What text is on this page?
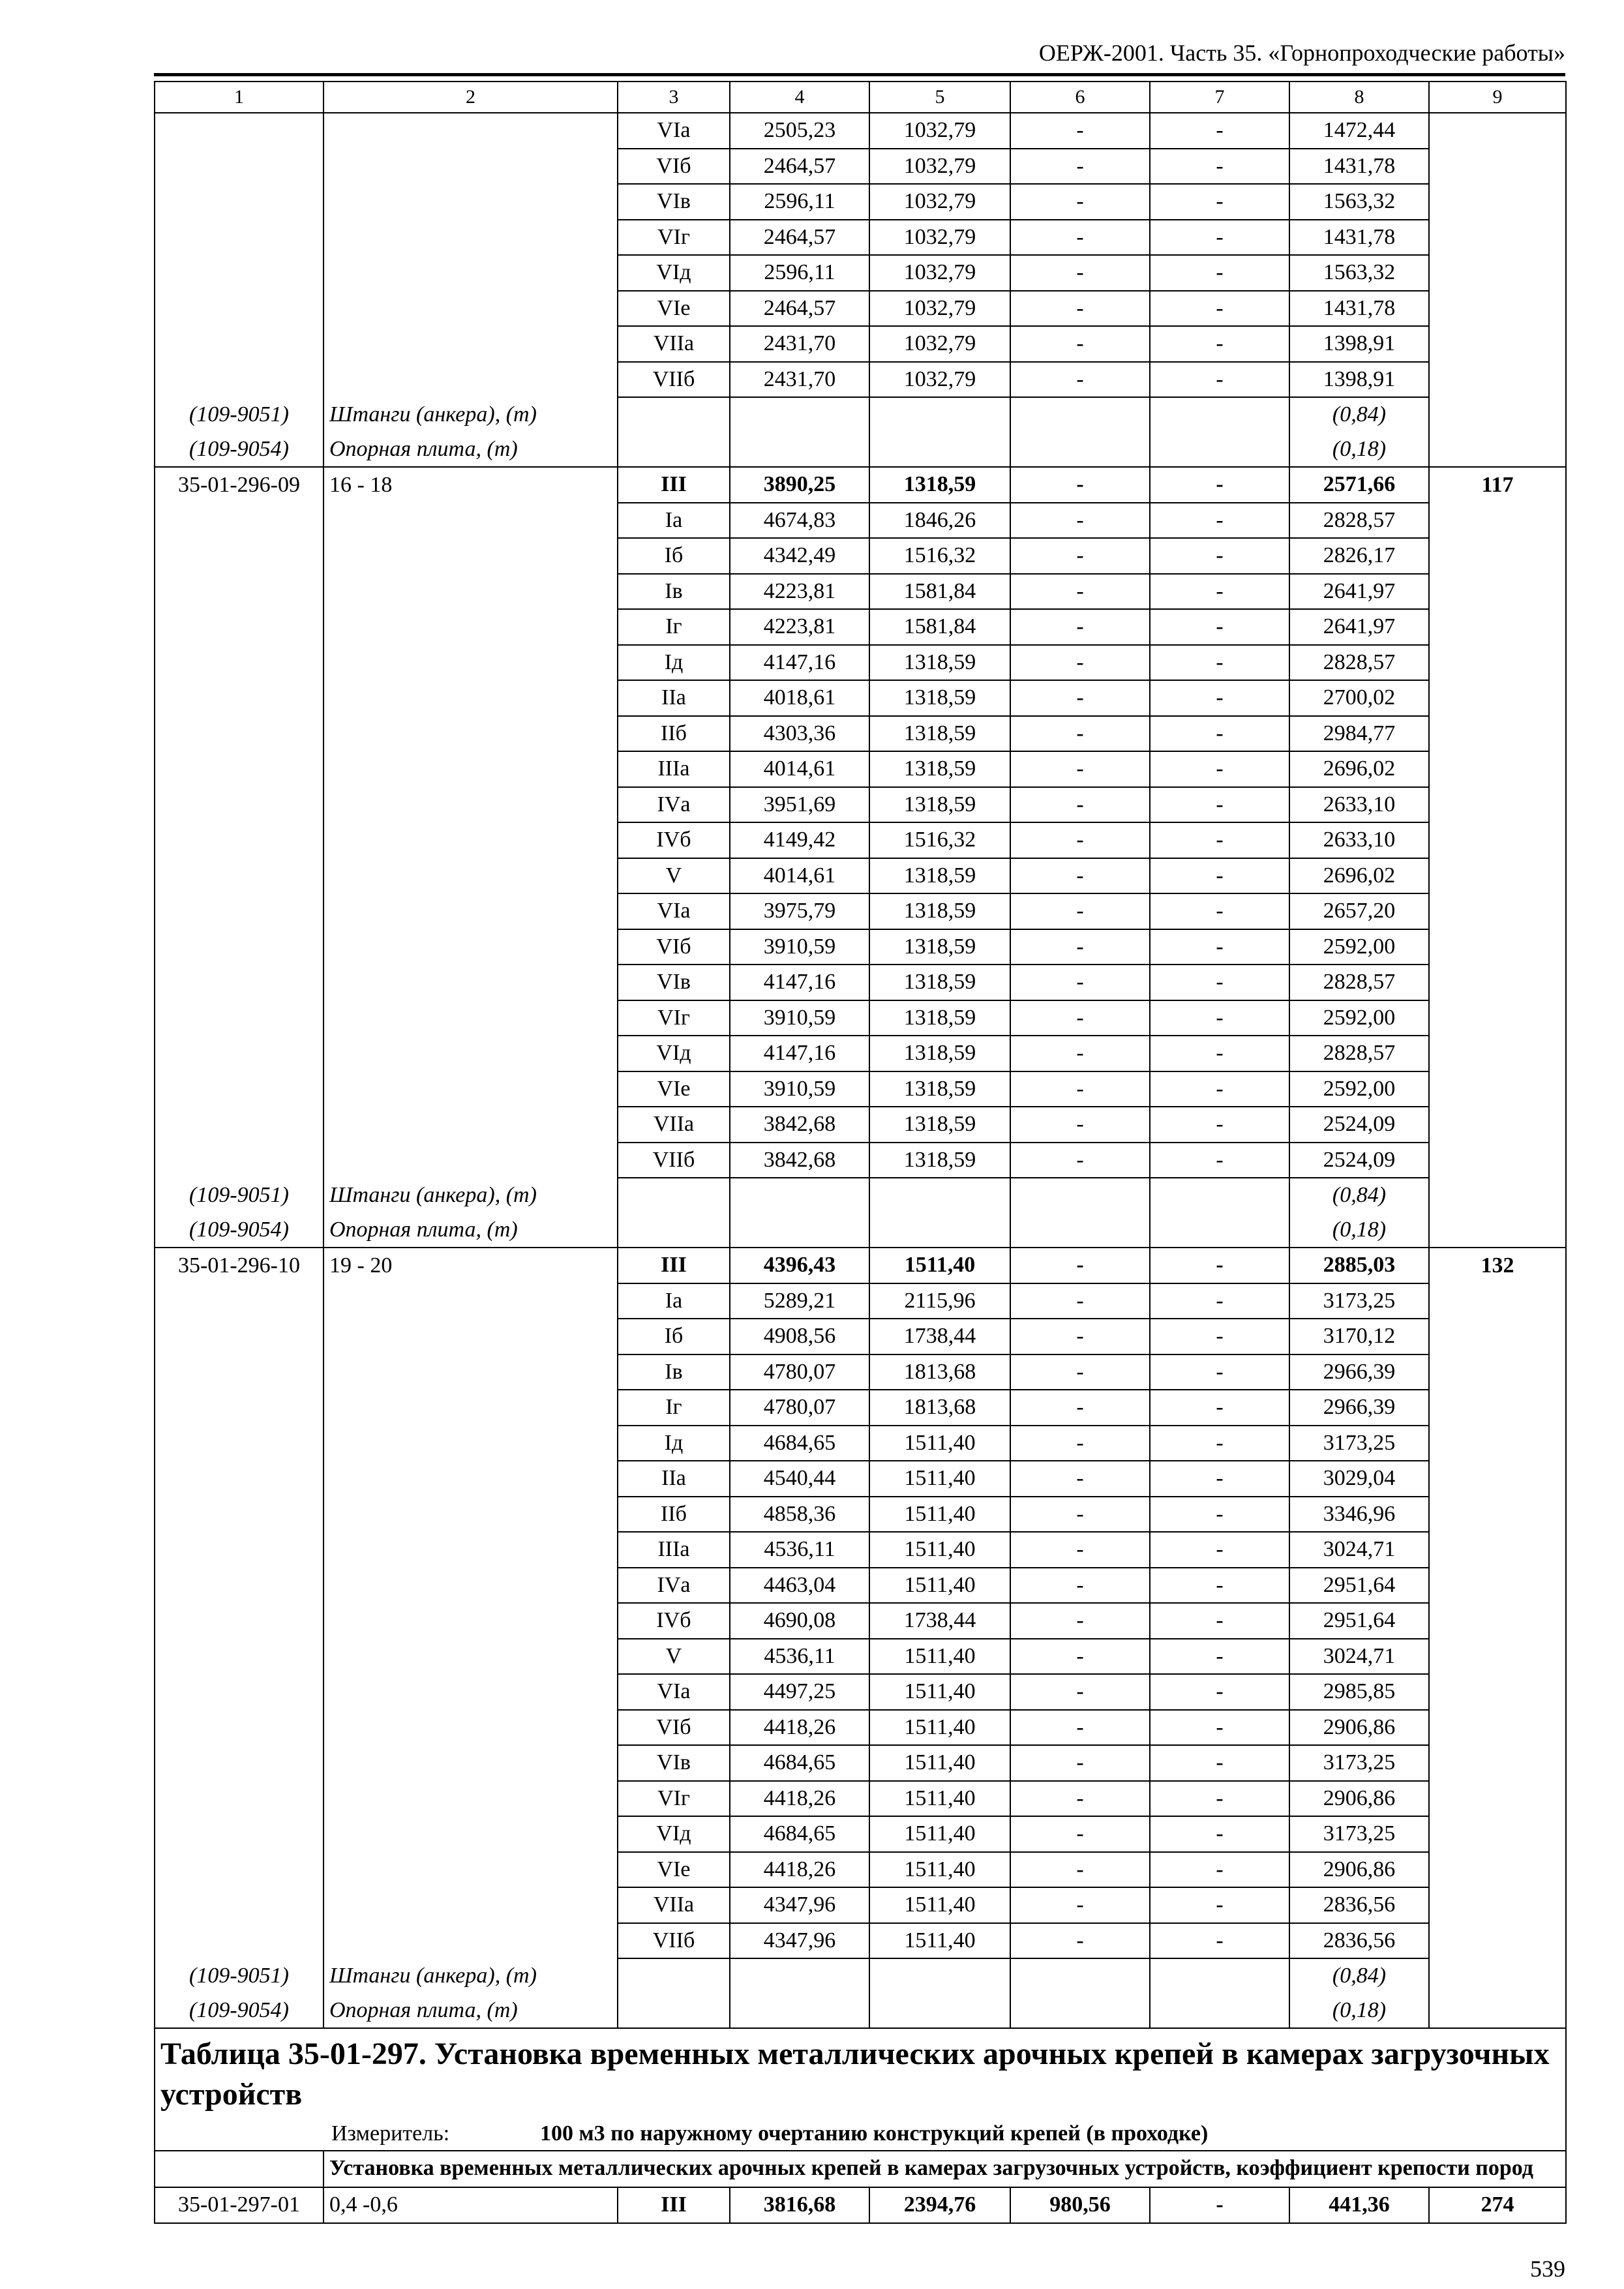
ОЕРЖ-2001. Часть 35. «Горнопроходческие работы»
1	2	3	4	5	6	7	8	9
		VIа	2505,23	1032,79	-	-	1472,44	
		VIб	2464,57	1032,79	-	-	1431,78	
		VIв	2596,11	1032,79	-	-	1563,32	
		VIг	2464,57	1032,79	-	-	1431,78	
		VIд	2596,11	1032,79	-	-	1563,32	
		VIе	2464,57	1032,79	-	-	1431,78	
		VIIа	2431,70	1032,79	-	-	1398,91	
		VIIб	2431,70	1032,79	-	-	1398,91	
(109-9051)	Штанги (анкера), (т)						(0,84)	
(109-9054)	Опорная плита, (т)						(0,18)	
35-01-296-09	16 - 18	III	3890,25	1318,59	-	-	2571,66	117
		Iа	4674,83	1846,26	-	-	2828,57	
		Iб	4342,49	1516,32	-	-	2826,17	
		Iв	4223,81	1581,84	-	-	2641,97	
		Iг	4223,81	1581,84	-	-	2641,97	
		Iд	4147,16	1318,59	-	-	2828,57	
		IIа	4018,61	1318,59	-	-	2700,02	
		IIб	4303,36	1318,59	-	-	2984,77	
		IIIа	4014,61	1318,59	-	-	2696,02	
		IVа	3951,69	1318,59	-	-	2633,10	
		IVб	4149,42	1516,32	-	-	2633,10	
		V	4014,61	1318,59	-	-	2696,02	
		VIа	3975,79	1318,59	-	-	2657,20	
		VIб	3910,59	1318,59	-	-	2592,00	
		VIв	4147,16	1318,59	-	-	2828,57	
		VIг	3910,59	1318,59	-	-	2592,00	
		VIд	4147,16	1318,59	-	-	2828,57	
		VIе	3910,59	1318,59	-	-	2592,00	
		VIIа	3842,68	1318,59	-	-	2524,09	
		VIIб	3842,68	1318,59	-	-	2524,09	
(109-9051)	Штанги (анкера), (т)						(0,84)	
(109-9054)	Опорная плита, (т)						(0,18)	
35-01-296-10	19 - 20	III	4396,43	1511,40	-	-	2885,03	132
		Iа	5289,21	2115,96	-	-	3173,25	
		Iб	4908,56	1738,44	-	-	3170,12	
		Iв	4780,07	1813,68	-	-	2966,39	
		Iг	4780,07	1813,68	-	-	2966,39	
		Iд	4684,65	1511,40	-	-	3173,25	
		IIа	4540,44	1511,40	-	-	3029,04	
		IIб	4858,36	1511,40	-	-	3346,96	
		IIIа	4536,11	1511,40	-	-	3024,71	
		IVа	4463,04	1511,40	-	-	2951,64	
		IVб	4690,08	1738,44	-	-	2951,64	
		V	4536,11	1511,40	-	-	3024,71	
		VIа	4497,25	1511,40	-	-	2985,85	
		VIб	4418,26	1511,40	-	-	2906,86	
		VIв	4684,65	1511,40	-	-	3173,25	
		VIг	4418,26	1511,40	-	-	2906,86	
		VIд	4684,65	1511,40	-	-	3173,25	
		VIе	4418,26	1511,40	-	-	2906,86	
		VIIа	4347,96	1511,40	-	-	2836,56	
		VIIб	4347,96	1511,40	-	-	2836,56	
(109-9051)	Штанги (анкера), (т)						(0,84)	
(109-9054)	Опорная плита, (т)						(0,18)	

Таблица 35-01-297. Установка временных металлических арочных крепей в камерах загрузочных устройств
Измеритель: 100 м3 по наружному очертанию конструкций крепей (в проходке)								

	Установка временных металлических арочных крепей в камерах загрузочных устройств, коэффициент крепости пород							

35-01-297-01	0,4 -0,6	III	3816,68	2394,76	980,56	-	441,36	274
539
